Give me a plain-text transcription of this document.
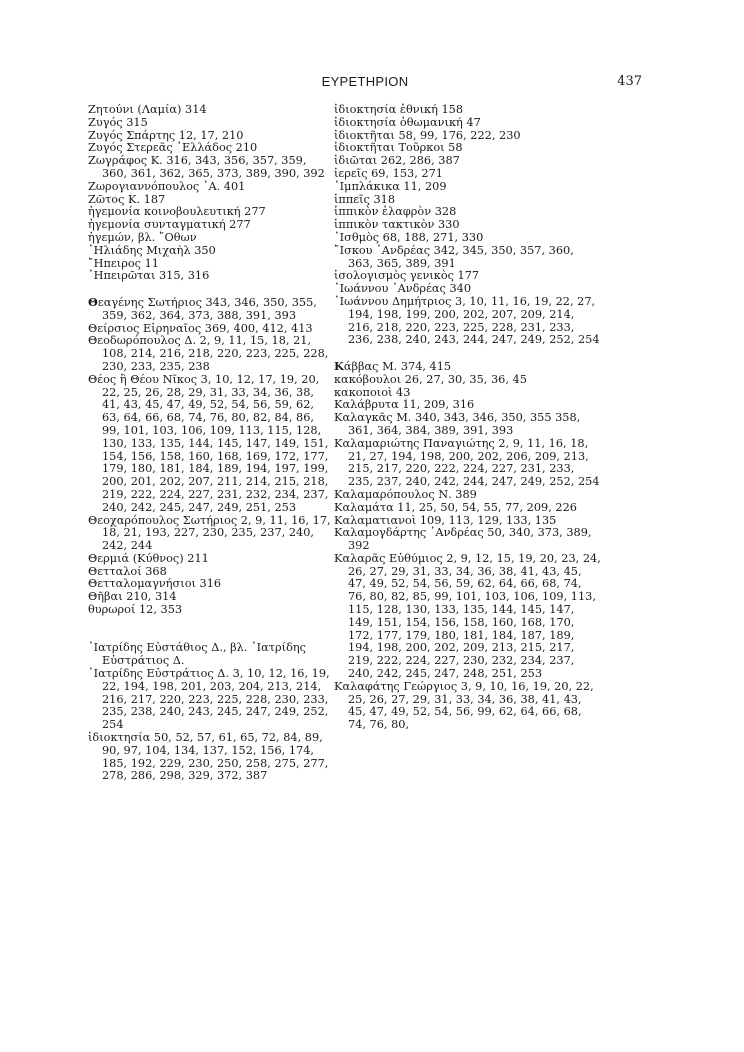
ΕΥΡΕΤΗΡΙΟΝ	437

Ζητούνι (Λαμία) 314

Ζυγός 315

Ζυγός Σπάρτης 12, 17, 210

Ζυγός Στερεᾶς ῾Ελλάδος 210

Ζωγράφος Κ. 316, 343, 356, 357, 359, 360, 361, 362, 365, 373, 389, 390, 392

Ζωρογιαννόπουλος ᾽Α. 401

Ζῶτος Κ. 187

ἡγεμονία κοινοβουλευτική 277

ἡγεμονία συνταγματική 277

ἡγεμών, βλ. ῎Οθων

᾽Ηλιάδης Μιχαὴλ 350

῎Ηπειρος 11

᾽Ηπειρῶται 315, 316

Θεαγένης Σωτήριος 343, 346, 350, 355, 359, 362, 364, 373, 388, 391, 393

Θείρσιος Εἰρηναῖος 369, 400, 412, 413

Θεοδωρόπουλος Δ. 2, 9, 11, 15, 18, 21, 108, 214, 216, 218, 220, 223, 225, 228, 230, 233, 235, 238

Θέος ἢ Θέου Νῖκος 3, 10, 12, 17, 19, 20, 22, 25, 26, 28, 29, 31, 33, 34, 36, 38, 41, 43, 45, 47, 49, 52, 54, 56, 59, 62, 63, 64, 66, 68, 74, 76, 80, 82, 84, 86, 99, 101, 103, 106, 109, 113, 115, 128, 130, 133, 135, 144, 145, 147, 149, 151, 154, 156, 158, 160, 168, 169, 172, 177, 179, 180, 181, 184, 189, 194, 197, 199, 200, 201, 202, 207, 211, 214, 215, 218, 219, 222, 224, 227, 231, 232, 234, 237, 240, 242, 245, 247, 249, 251, 253

Θεοχαρόπουλος Σωτήριος 2, 9, 11, 16, 17, 18, 21, 193, 227, 230, 235, 237, 240, 242, 244

Θερμιά (Κύθνος) 211

Θετταλοί 368

Θετταλομαγνήσιοι 316

Θῆβαι 210, 314

θυρωροί 12, 353

᾽Ιατρίδης Εὐστάθιος Δ., βλ. ᾽Ιατρίδης Εὐστράτιος Δ.

᾽Ιατρίδης Εὐστράτιος Δ. 3, 10, 12, 16, 19, 22, 194, 198, 201, 203, 204, 213, 214, 216, 217, 220, 223, 225, 228, 230, 233, 235, 238, 240, 243, 245, 247, 249, 252, 254

ἰδιοκτησία 50, 52, 57, 61, 65, 72, 84, 89, 90, 97, 104, 134, 137, 152, 156, 174, 185, 192, 229, 230, 250, 258, 275, 277, 278, 286, 298, 329, 372, 387

ἰδιοκτησία ἐθνική 158

ἰδιοκτησία ὀθωμανική 47

ἰδιοκτῆται 58, 99, 176, 222, 230

ἰδιοκτῆται Τοῦρκοι 58

ἰδιῶται 262, 286, 387

ἱερεῖς 69, 153, 271

᾽Ιμπλάκικα 11, 209

ἱππεῖς 318

ἱππικὸν ἐλαφρὸν 328

ἱππικὸν τακτικὸν 330

᾽Ισθμὸς 68, 188, 271, 330

῎Ισκου ᾽Ανδρέας 342, 345, 350, 357, 360, 363, 365, 389, 391

ἰσολογισμὸς γενικὸς 177

᾽Ιωάννου ᾽Ανδρέας 340

᾽Ιωάννου Δημήτριος 3, 10, 11, 16, 19, 22, 27, 194, 198, 199, 200, 202, 207, 209, 214, 216, 218, 220, 223, 225, 228, 231, 233, 236, 238, 240, 243, 244, 247, 249, 252, 254

Κάββας Μ. 374, 415

κακόβουλοι 26, 27, 30, 35, 36, 45

κακοποιοὶ 43

Καλάβρυτα 11, 209, 316

Καλαγκᾶς Μ. 340, 343, 346, 350, 355 358, 361, 364, 384, 389, 391, 393

Καλαμαριώτης Παναγιώτης 2, 9, 11, 16, 18, 21, 27, 194, 198, 200, 202, 206, 209, 213, 215, 217, 220, 222, 224, 227, 231, 233, 235, 237, 240, 242, 244, 247, 249, 252, 254

Καλαμαρόπουλος Ν. 389

Καλαμάτα 11, 25, 50, 54, 55, 77, 209, 226

Καλαματιανοὶ 109, 113, 129, 133, 135

Καλαμογδάρτης ᾽Ανδρέας 50, 340, 373, 389, 392

Καλαρᾶς Εὐθύμιος 2, 9, 12, 15, 19, 20, 23, 24, 26, 27, 29, 31, 33, 34, 36, 38, 41, 43, 45, 47, 49, 52, 54, 56, 59, 62, 64, 66, 68, 74, 76, 80, 82, 85, 99, 101, 103, 106, 109, 113, 115, 128, 130, 133, 135, 144, 145, 147, 149, 151, 154, 156, 158, 160, 168, 170, 172, 177, 179, 180, 181, 184, 187, 189, 194, 198, 200, 202, 209, 213, 215, 217, 219, 222, 224, 227, 230, 232, 234, 237, 240, 242, 245, 247, 248, 251, 253

Καλαφάτης Γεώργιος 3, 9, 10, 16, 19, 20, 22, 25, 26, 27, 29, 31, 33, 34, 36, 38, 41, 43, 45, 47, 49, 52, 54, 56, 99, 62, 64, 66, 68, 74, 76, 80,
